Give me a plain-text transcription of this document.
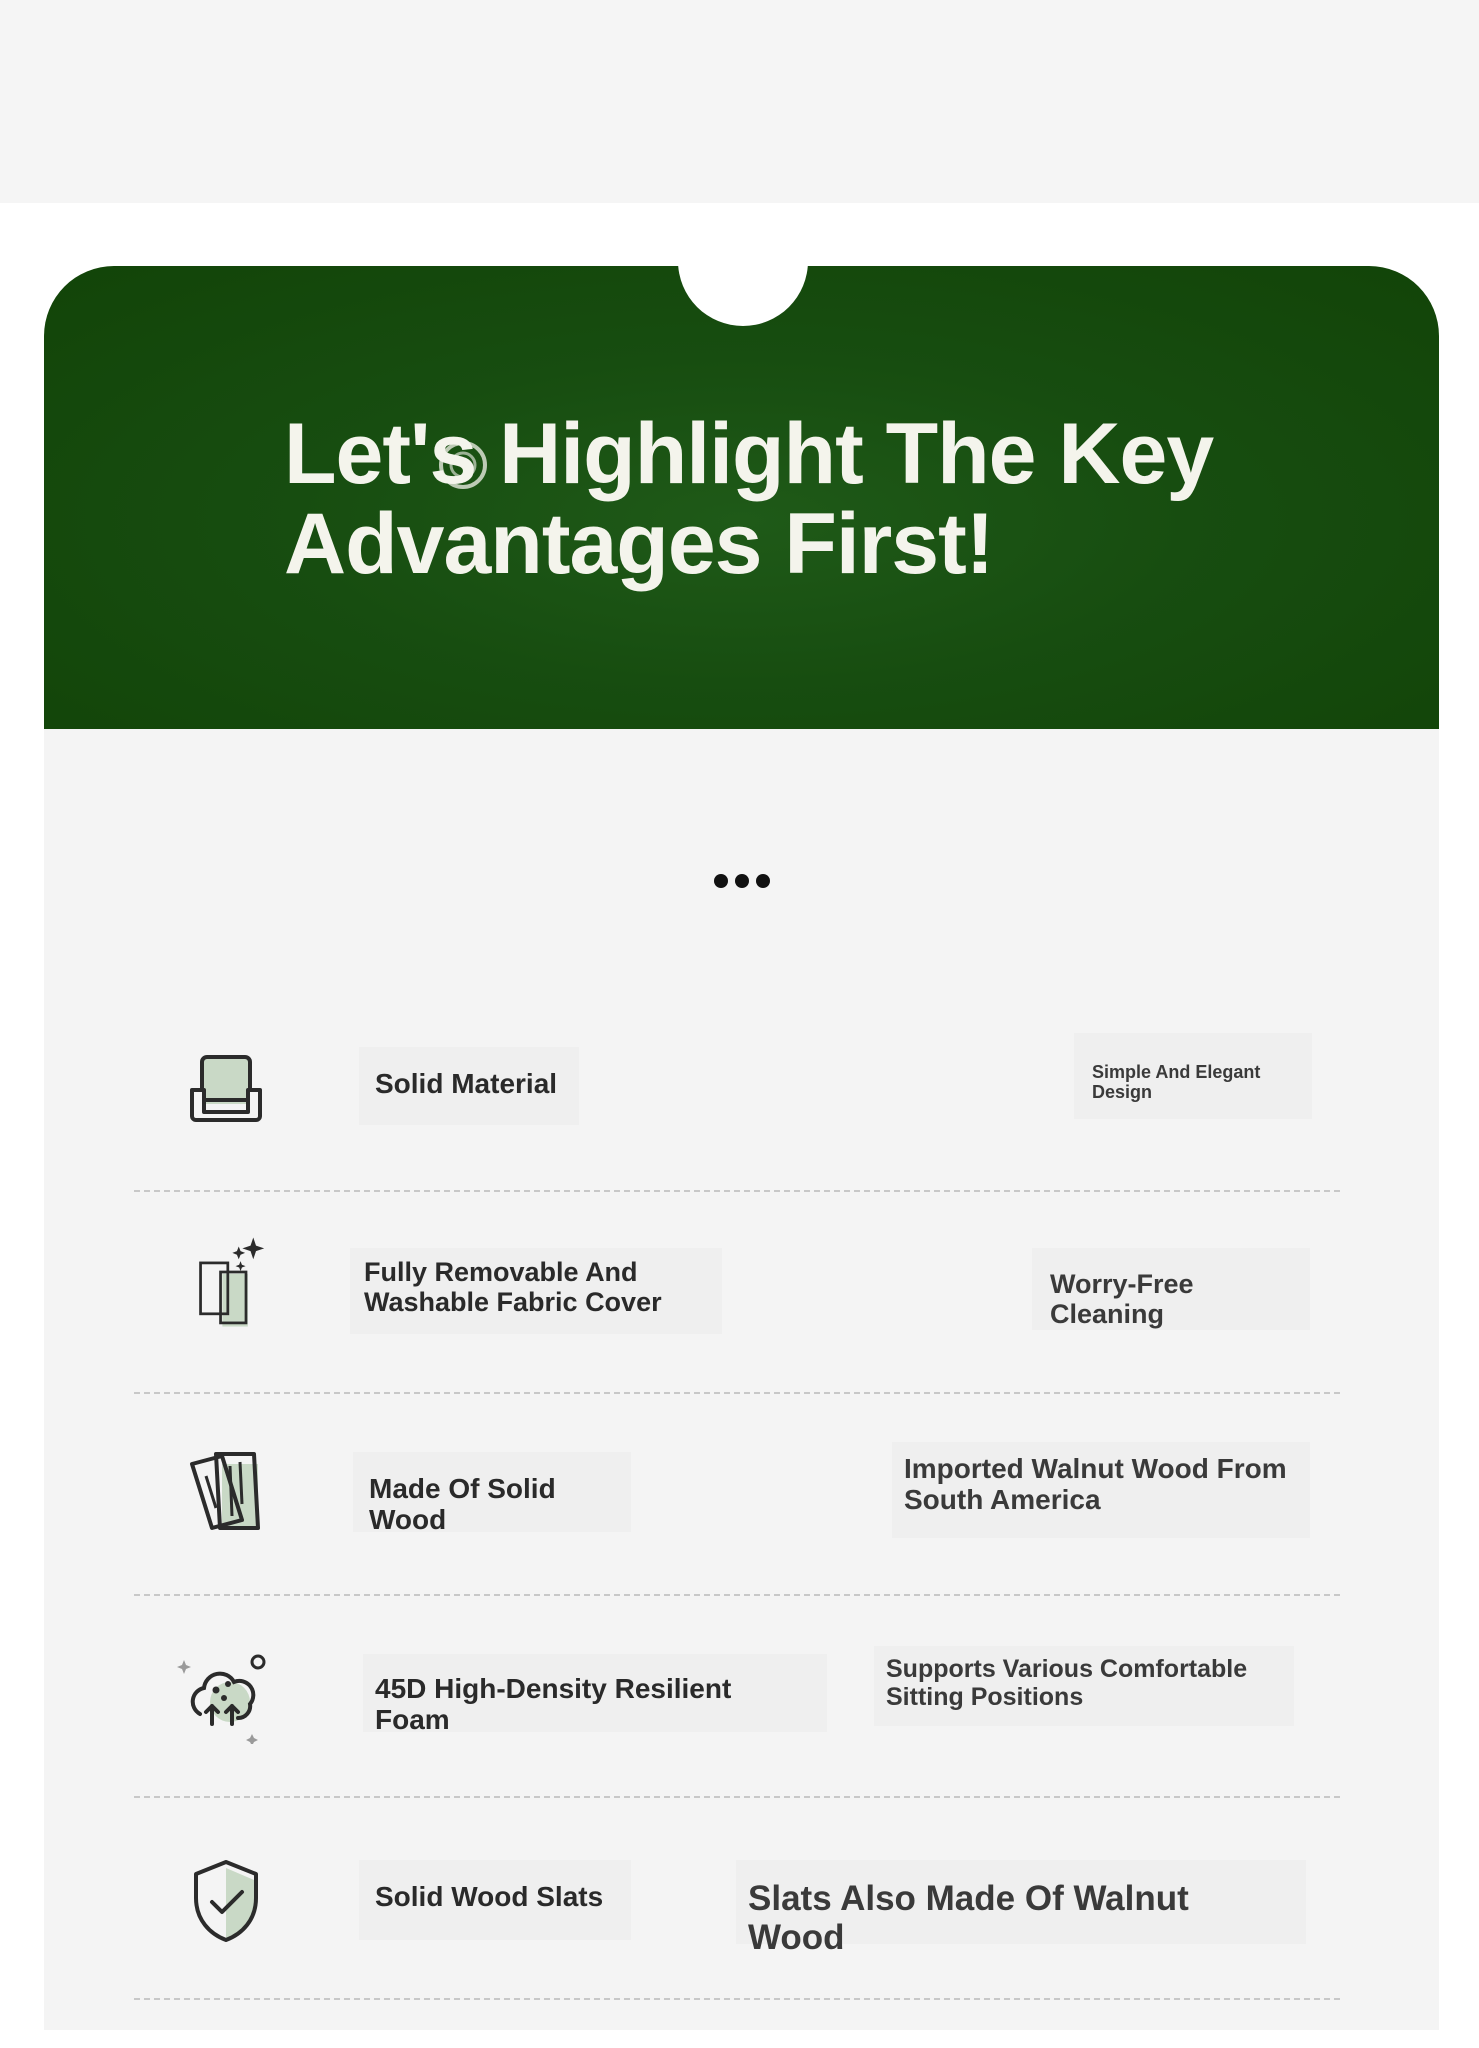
Let's Highlight The Key
Advantages First!
Solid Material	Simple And Elegant Design
Fully Removable And Washable Fabric Cover
Worry-Free Cleaning
Made Of Solid Wood
Imported Walnut Wood From South America
45D High-Density Resilient Foam
Supports Various Comfortable Sitting Positions
Solid Wood Slats	Slats Also Made Of Walnut Wood
